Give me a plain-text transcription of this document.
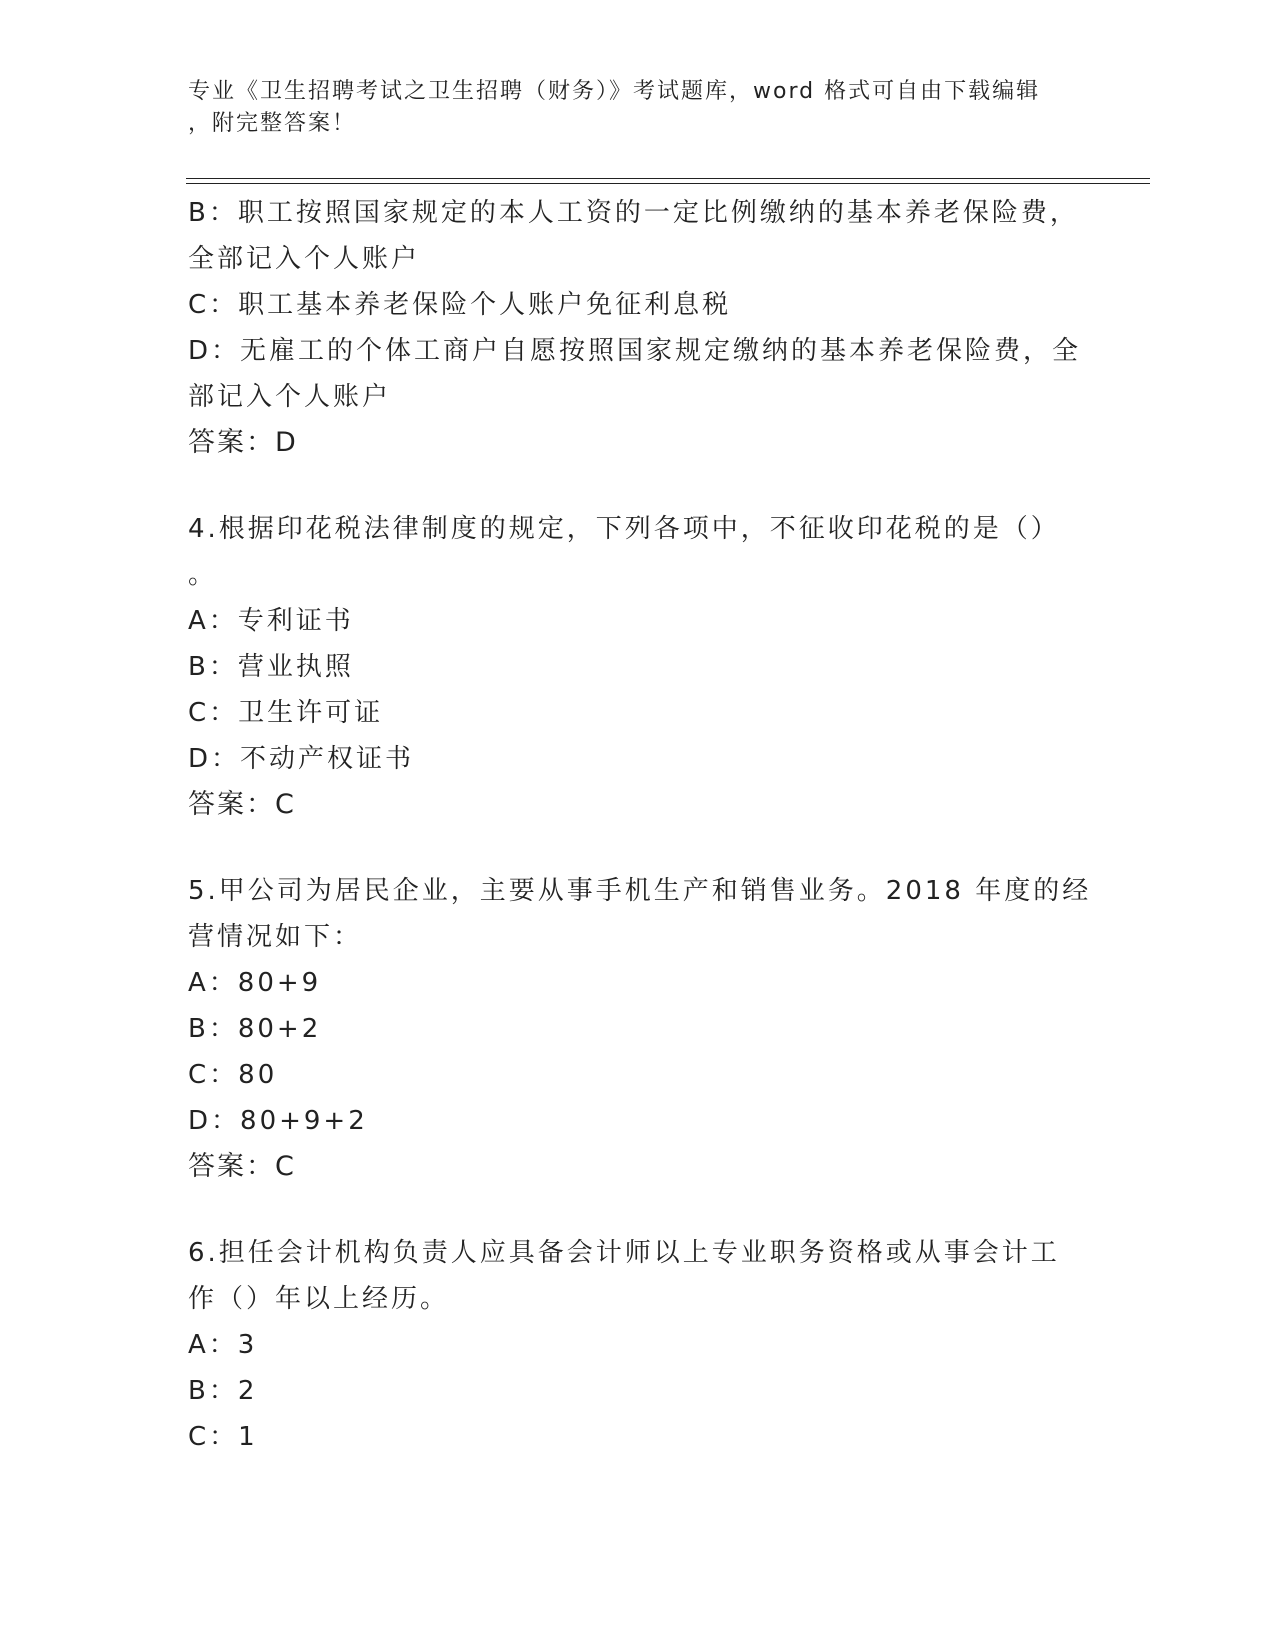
专业《卫生招聘考试之卫生招聘（财务）》考试题库，word 格式可自由下载编辑
，附完整答案！
B：职工按照国家规定的本人工资的一定比例缴纳的基本养老保险费，
全部记入个人账户
C：职工基本养老保险个人账户免征利息税
D：无雇工的个体工商户自愿按照国家规定缴纳的基本养老保险费，全
部记入个人账户
答案：D
4.根据印花税法律制度的规定，下列各项中，不征收印花税的是（）
。
A：专利证书
B：营业执照
C：卫生许可证
D：不动产权证书
答案：C
5.甲公司为居民企业，主要从事手机生产和销售业务。2018 年度的经
营情况如下：
A：80+9
B：80+2
C：80
D：80+9+2
答案：C
6.担任会计机构负责人应具备会计师以上专业职务资格或从事会计工
作（）年以上经历。
A：3
B：2
C：1
